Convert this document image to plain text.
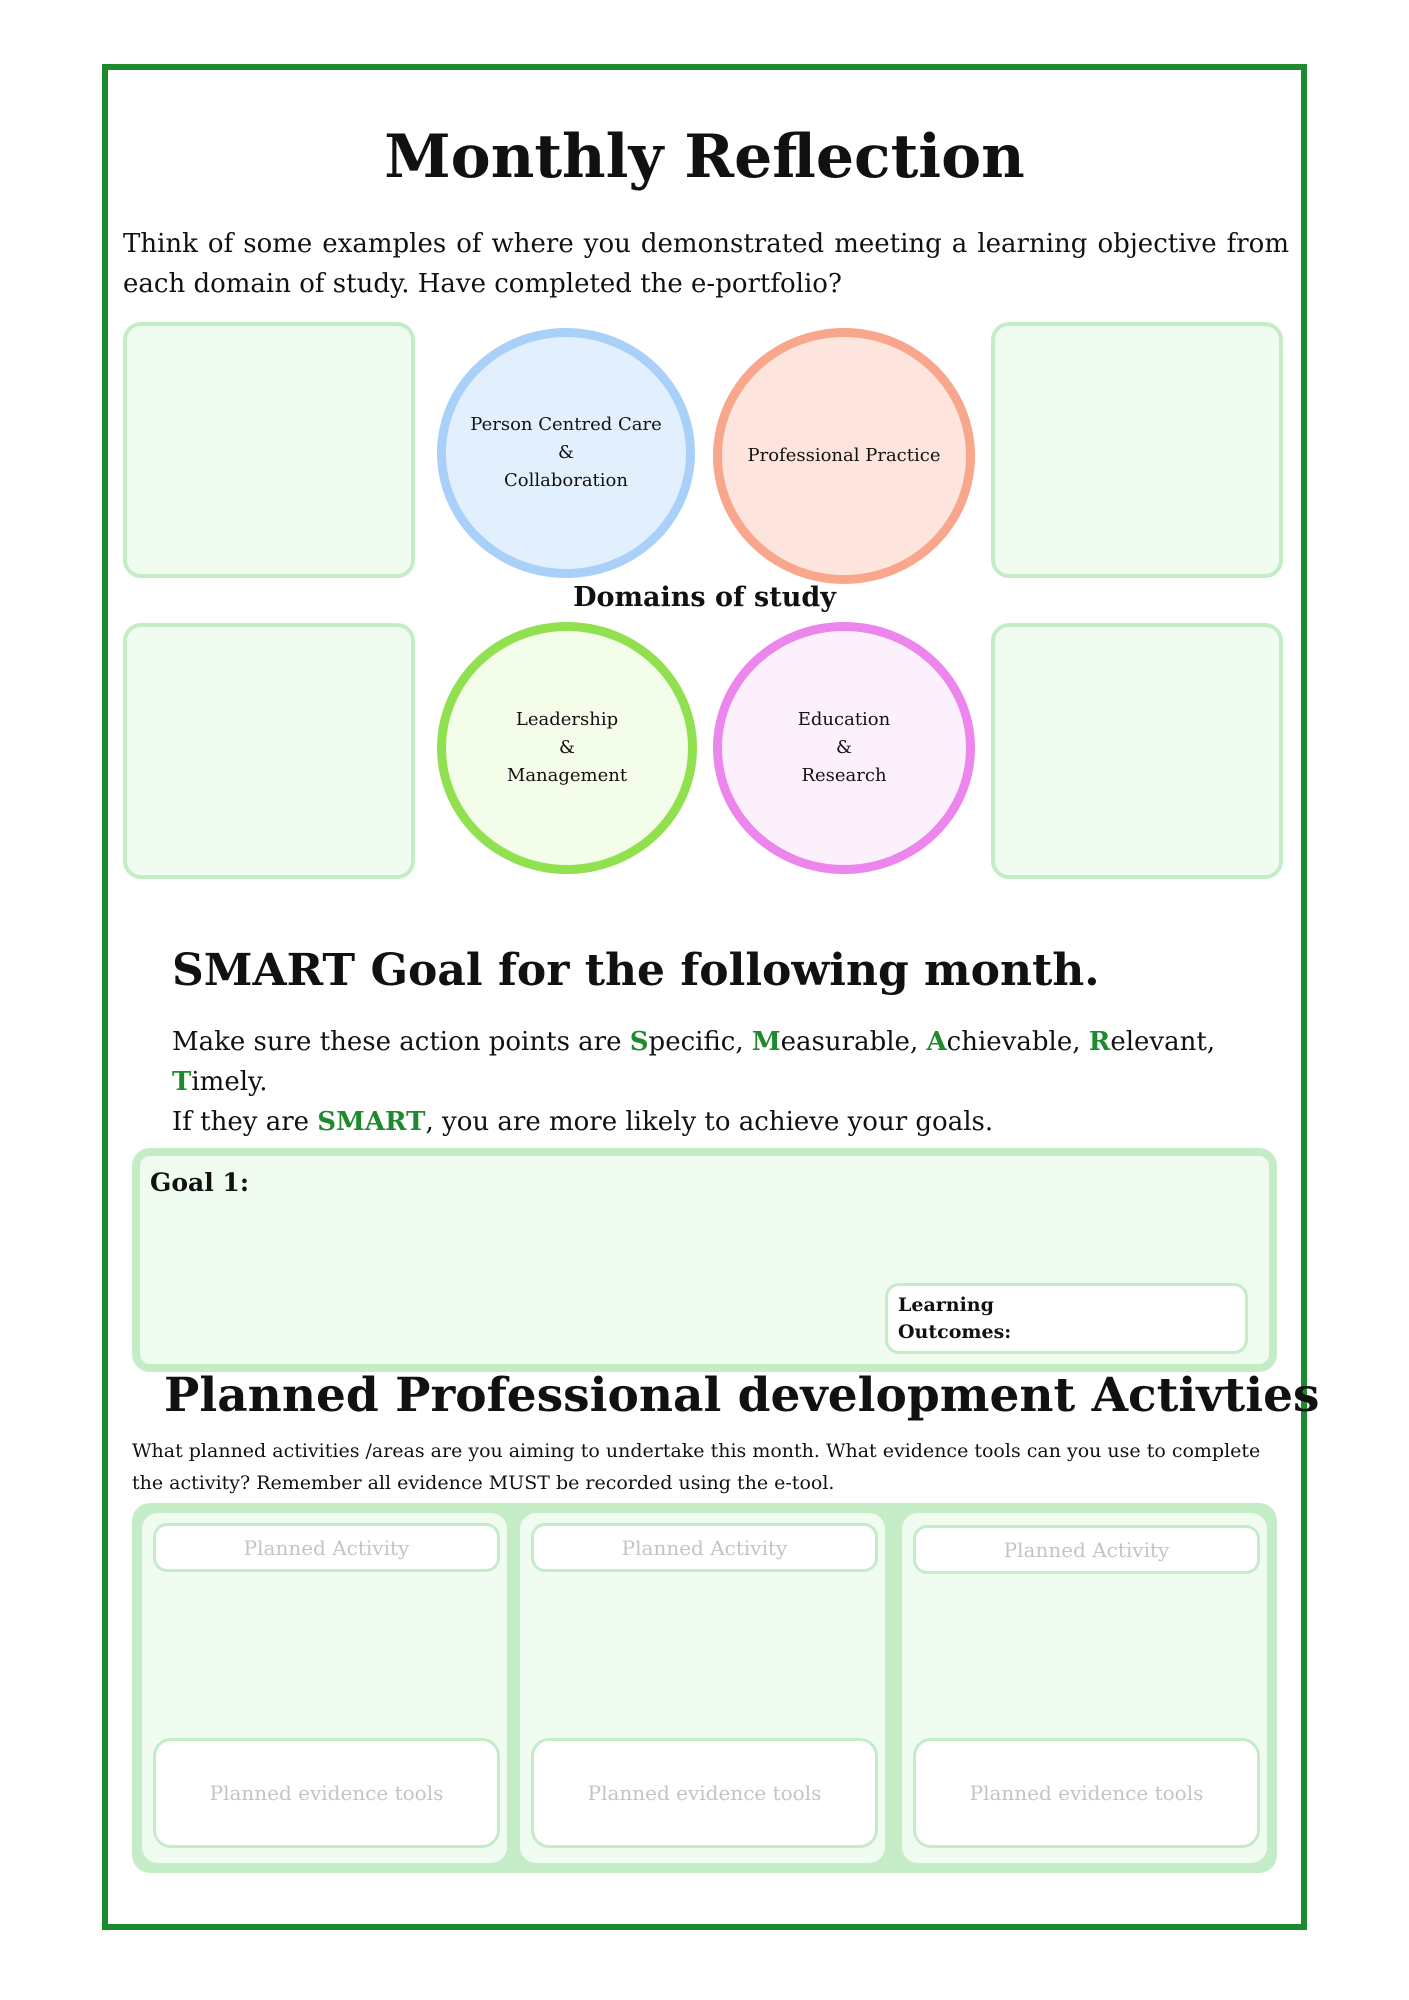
Monthly Reflection
Think of some examples of where you demonstrated meeting a learning objective from each domain of study. Have completed the e-portfolio?
Person Centred Care
&
Collaboration
Professional Practice
Domains of study
Leadership
&
Management
Education
&
Research
SMART Goal for the following month.
Make sure these action points are Specific, Measurable, Achievable, Relevant, Timely.
If they are SMART, you are more likely to achieve your goals.
Goal 1:
Learning
Outcomes:
Planned Professional development Activties
What planned activities /areas are you aiming to undertake this month. What evidence tools can you use to complete the activity? Remember all evidence MUST be recorded using the e-tool.
Planned Activity
Planned evidence tools
Planned Activity
Planned evidence tools
Planned Activity
Planned evidence tools
